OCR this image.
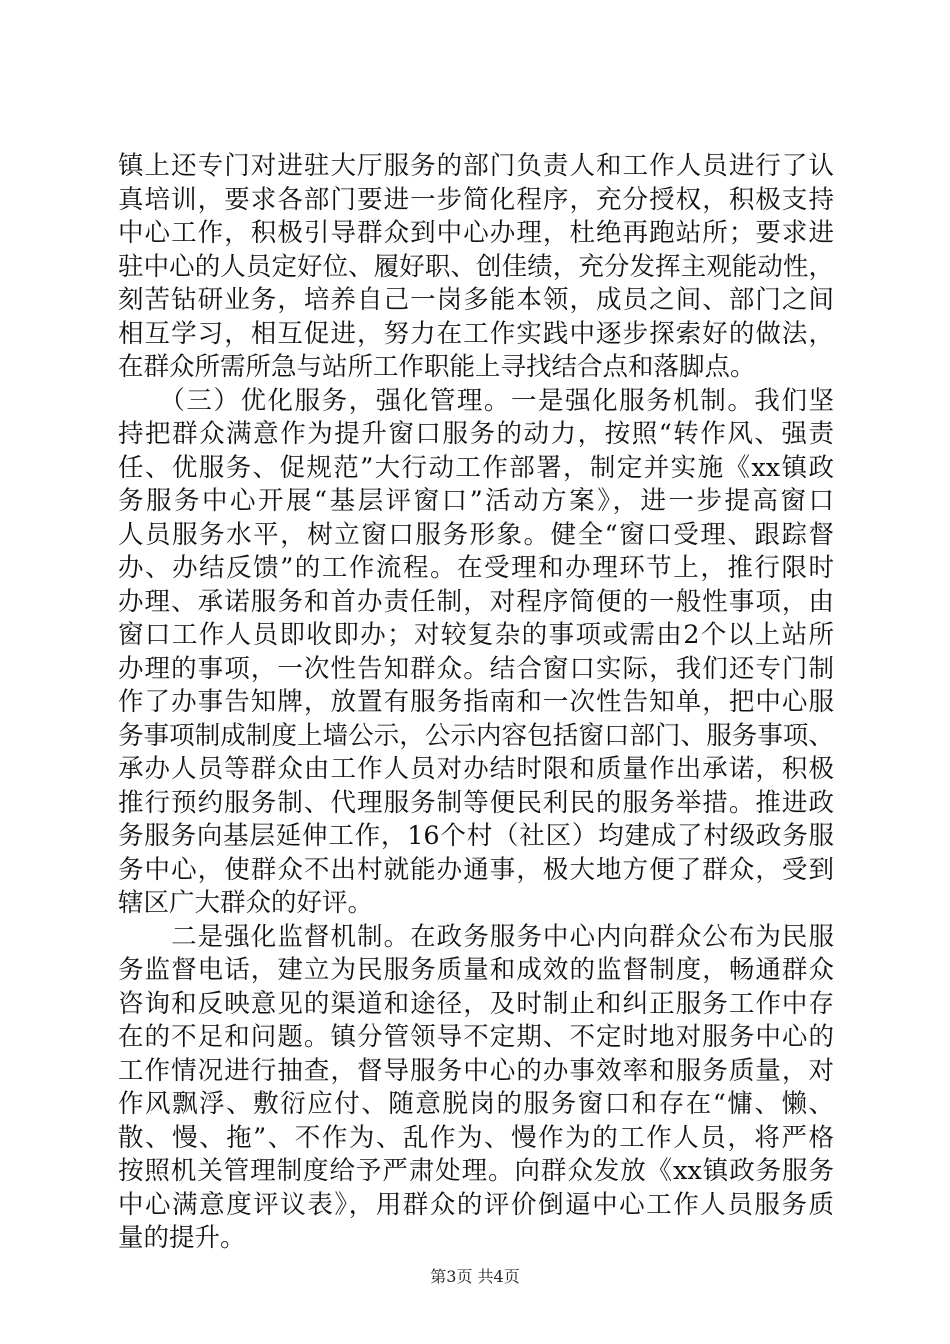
镇上还专门对进驻大厅服务的部门负责人和工作人员进行了认
真培训，要求各部门要进一步简化程序，充分授权，积极支持
中心工作，积极引导群众到中心办理，杜绝再跑站所；要求进
驻中心的人员定好位、履好职、创佳绩，充分发挥主观能动性，
刻苦钻研业务，培养自己一岗多能本领，成员之间、部门之间
相互学习，相互促进，努力在工作实践中逐步探索好的做法，
在群众所需所急与站所工作职能上寻找结合点和落脚点。
　　（三）优化服务，强化管理。一是强化服务机制。我们坚
持把群众满意作为提升窗口服务的动力，按照“转作风、强责
任、优服务、促规范”大行动工作部署，制定并实施《xx镇政
务服务中心开展“基层评窗口”活动方案》，进一步提高窗口
人员服务水平，树立窗口服务形象。健全“窗口受理、跟踪督
办、办结反馈”的工作流程。在受理和办理环节上，推行限时
办理、承诺服务和首办责任制，对程序简便的一般性事项，由
窗口工作人员即收即办；对较复杂的事项或需由2个以上站所
办理的事项，一次性告知群众。结合窗口实际，我们还专门制
作了办事告知牌，放置有服务指南和一次性告知单，把中心服
务事项制成制度上墙公示，公示内容包括窗口部门、服务事项、
承办人员等群众由工作人员对办结时限和质量作出承诺，积极
推行预约服务制、代理服务制等便民利民的服务举措。推进政
务服务向基层延伸工作，16个村（社区）均建成了村级政务服
务中心，使群众不出村就能办通事，极大地方便了群众，受到
辖区广大群众的好评。
　　二是强化监督机制。在政务服务中心内向群众公布为民服
务监督电话，建立为民服务质量和成效的监督制度，畅通群众
咨询和反映意见的渠道和途径，及时制止和纠正服务工作中存
在的不足和问题。镇分管领导不定期、不定时地对服务中心的
工作情况进行抽查，督导服务中心的办事效率和服务质量，对
作风飘浮、敷衍应付、随意脱岗的服务窗口和存在“慵、懒、
散、慢、拖”、不作为、乱作为、慢作为的工作人员，将严格
按照机关管理制度给予严肃处理。向群众发放《xx镇政务服务
中心满意度评议表》，用群众的评价倒逼中心工作人员服务质
量的提升。
第3页 共4页
